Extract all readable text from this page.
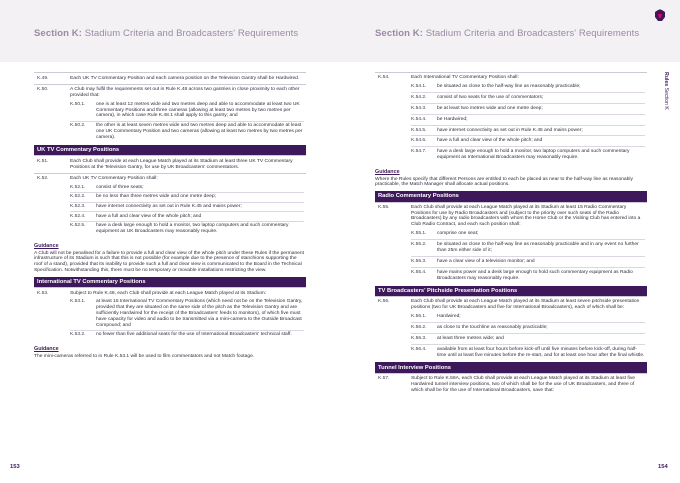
Section K: Stadium Criteria and Broadcasters' Requirements	Section K: Stadium Criteria and Broadcasters' Requirements
Rules Section K
K.49.	Each UK TV Commentary Position and each camera position on the Television Gantry shall be Hardwired.

K.50.	A Club may fulfil the requirements set out in Rule K.48 across two gantries in close proximity to each other provided that:
K.50.1.	one is at least 12 metres wide and two metres deep and able to accommodate at least two UK Commentary Positions and three cameras (allowing at least two metres by two metres per camera), in which case Rule K.48.1 shall apply to this gantry; and
K.50.2.	the other is at least seven metres wide and two metres deep and able to accommodate at least one UK Commentary Position and two cameras (allowing at least two metres by two metres per camera).
UK TV Commentary Positions
K.51.	Each Club shall provide at each League Match played at its Stadium at least three UK TV Commentary Positions at the Television Gantry, for use by UK Broadcasters' commentators.

K.52.	Each UK TV Commentary Position shall:
K.52.1.	consist of three seats;
K.52.2.	be no less than three metres wide and one metre deep;
K.52.3.	have internet connectivity as set out in Rule K.45 and mains power;
K.52.4.	have a full and clear view of the whole pitch; and
K.52.5.	have a desk large enough to hold a monitor, two laptop computers and such commentary equipment as UK Broadcasters may reasonably require.
Guidance
A Club will not be penalised for a failure to provide a full and clear view of the whole pitch under these Rules if the permanent infrastructure of its Stadium is such that this is not possible (for example due to the presence of stanchions supporting the roof of a stand), provided that its inability to provide such a full and clear view is communicated to the Board in the Technical Specification. Notwithstanding this, there must be no temporary or movable installations restricting the view.
International TV Commentary Positions
K.53.	Subject to Rule K.48, each Club shall provide at each League Match played at its Stadium:
K.53.1.	at least 15 International TV Commentary Positions (which need not be on the Television Gantry, provided that they are situated on the same side of the pitch as the Television Gantry and are sufficiently Hardwired for the receipt of the Broadcasters' feeds to monitors), of which five must have capacity for video and audio to be transmitted via a mini-camera to the Outside Broadcast Compound; and
K.53.2.	no fewer than five additional seats for the use of International Broadcasters' technical staff.
Guidance
The mini-cameras referred to in Rule K.53.1 will be used to film commentators and not Match footage.
K.54.	Each International TV Commentary Position shall:
K.54.1.	be situated as close to the half-way line as reasonably practicable;
K.54.2.	consist of two seats for the use of commentators;
K.54.3.	be at least two metres wide and one metre deep;
K.54.4.	be Hardwired;
K.54.5.	have internet connectivity as set out in Rule K.45 and mains power;
K.54.6.	have a full and clear view of the whole pitch; and
K.54.7.	have a desk large enough to hold a monitor, two laptop computers and such commentary equipment as International Broadcasters may reasonably require.
Guidance
Where the Rules specify that different Persons are entitled to each be placed as near to the half-way line as reasonably practicable, the Match Manager shall allocate actual positions.
Radio Commentary Positions
K.55.	Each Club shall provide at each League Match played at its Stadium at least 15 Radio Commentary Positions for use by Radio Broadcasters and (subject to the priority over such seats of the Radio Broadcasters) by any radio broadcasters with whom the Home Club or the Visiting Club has entered into a Club Radio Contract, and each such position shall:
K.55.1.	comprise one seat;
K.55.2.	be situated as close to the half-way line as reasonably practicable and in any event no further than 25m either side of it;
K.55.3.	have a clear view of a television monitor; and
K.55.4.	have mains power and a desk large enough to hold such commentary equipment as Radio Broadcasters may reasonably require.
TV Broadcasters' Pitchside Presentation Positions
K.56.	Each Club shall provide at each League Match played at its Stadium at least seven pitchside presentation positions (two for UK Broadcasters and five for International Broadcasters), each of which shall be:
K.56.1.	Hardwired;
K.56.2.	as close to the touchline as reasonably practicable;
K.56.3.	at least three metres wide; and
K.56.4.	available from at least four hours before kick-off until five minutes before kick-off, during half-time until at least five minutes before the re-start, and for at least one hour after the final whistle.
Tunnel Interview Positions
K.57.	Subject to Rule K.59A, each Club shall provide at each League Match played at its Stadium at least five Hardwired tunnel interview positions, two of which shall be for the use of UK Broadcasters, and three of which shall be for the use of International Broadcasters, save that:
153	154
